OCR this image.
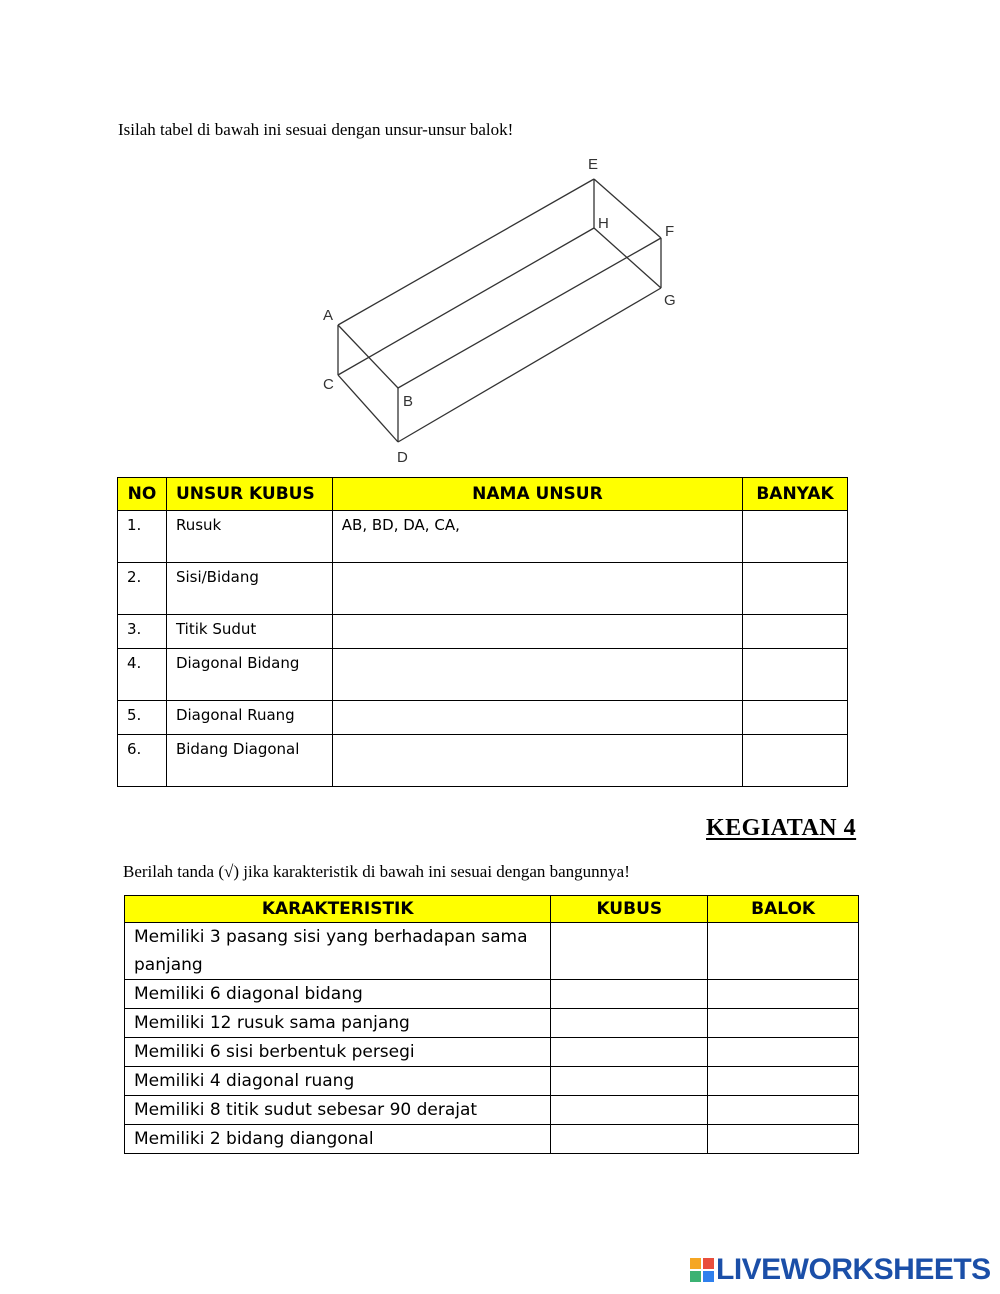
Isilah tabel di bawah ini sesuai dengan unsur-unsur balok!
A
B
C
D
E
F
G
H
NO	UNSUR KUBUS	NAMA UNSUR	BANYAK
1.	Rusuk	AB, BD, DA, CA,	
2.	Sisi/Bidang		
3.	Titik Sudut		
4.	Diagonal Bidang		
5.	Diagonal Ruang		
6.	Bidang Diagonal		
KEGIATAN 4
Berilah tanda (√) jika karakteristik di bawah ini sesuai dengan bangunnya!
KARAKTERISTIK	KUBUS	BALOK
Memiliki 3 pasang sisi yang berhadapan sama panjang		
Memiliki 6 diagonal bidang		
Memiliki 12 rusuk sama panjang		
Memiliki 6 sisi berbentuk persegi		
Memiliki 4 diagonal ruang		
Memiliki 8 titik sudut sebesar 90 derajat		
Memiliki 2 bidang diangonal		
LIVEWORKSHEETS
